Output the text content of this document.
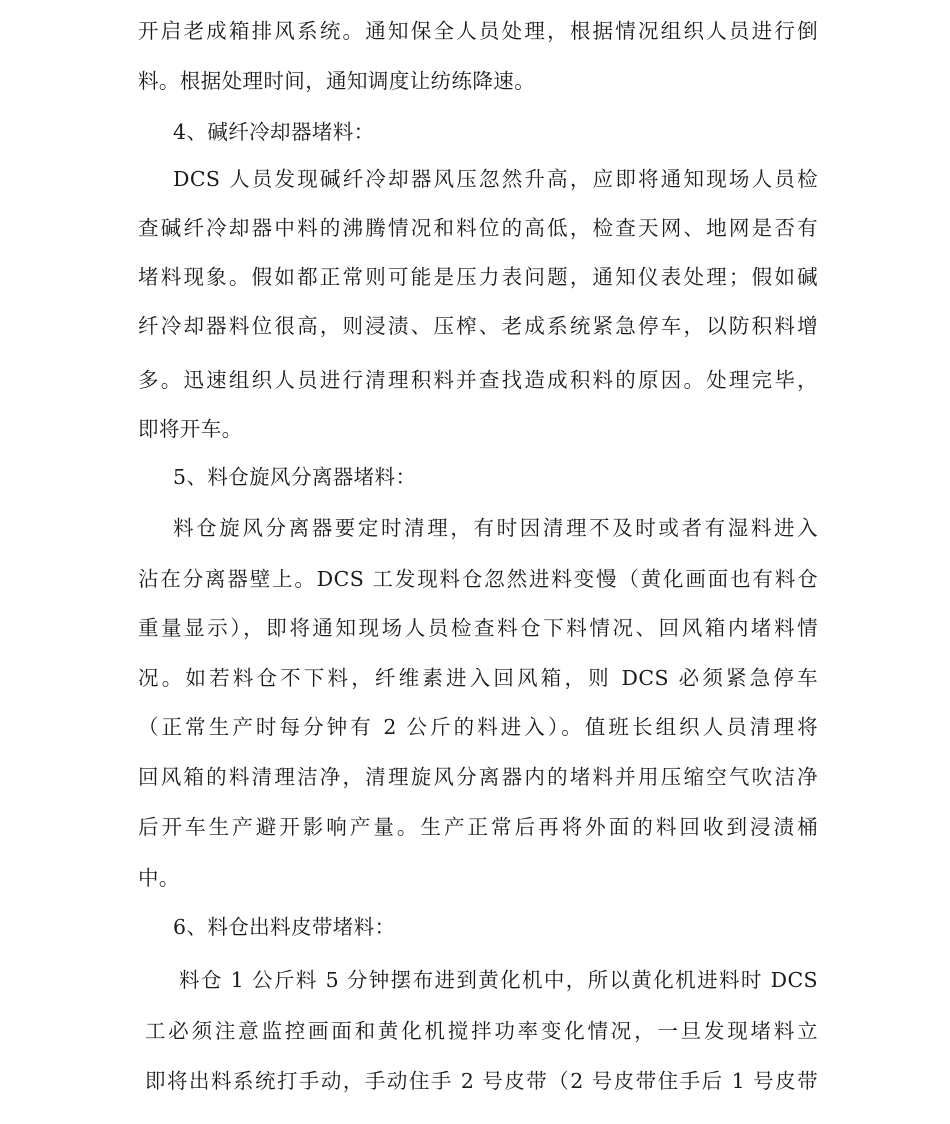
开启老成箱排风系统。通知保全人员处理，根据情况组织人员进行倒
料。根据处理时间，通知调度让纺练降速。
4、碱纤冷却器堵料：
DCS 人员发现碱纤冷却器风压忽然升高，应即将通知现场人员检
查碱纤冷却器中料的沸腾情况和料位的高低，检查天网、地网是否有
堵料现象。假如都正常则可能是压力表问题，通知仪表处理；假如碱
纤冷却器料位很高，则浸渍、压榨、老成系统紧急停车，以防积料增
多。迅速组织人员进行清理积料并查找造成积料的原因。处理完毕，
即将开车。
5、料仓旋风分离器堵料：
料仓旋风分离器要定时清理，有时因清理不及时或者有湿料进入
沾在分离器壁上。DCS 工发现料仓忽然进料变慢（黄化画面也有料仓
重量显示），即将通知现场人员检查料仓下料情况、回风箱内堵料情
况。如若料仓不下料，纤维素进入回风箱，则 DCS 必须紧急停车
（正常生产时每分钟有 2 公斤的料进入）。值班长组织人员清理将
回风箱的料清理洁净，清理旋风分离器内的堵料并用压缩空气吹洁净
后开车生产避开影响产量。生产正常后再将外面的料回收到浸渍桶
中。
6、料仓出料皮带堵料：
料仓 1 公斤料 5 分钟摆布进到黄化机中，所以黄化机进料时 DCS
工必须注意监控画面和黄化机搅拌功率变化情况，一旦发现堵料立
即将出料系统打手动，手动住手 2 号皮带（2 号皮带住手后 1 号皮带
